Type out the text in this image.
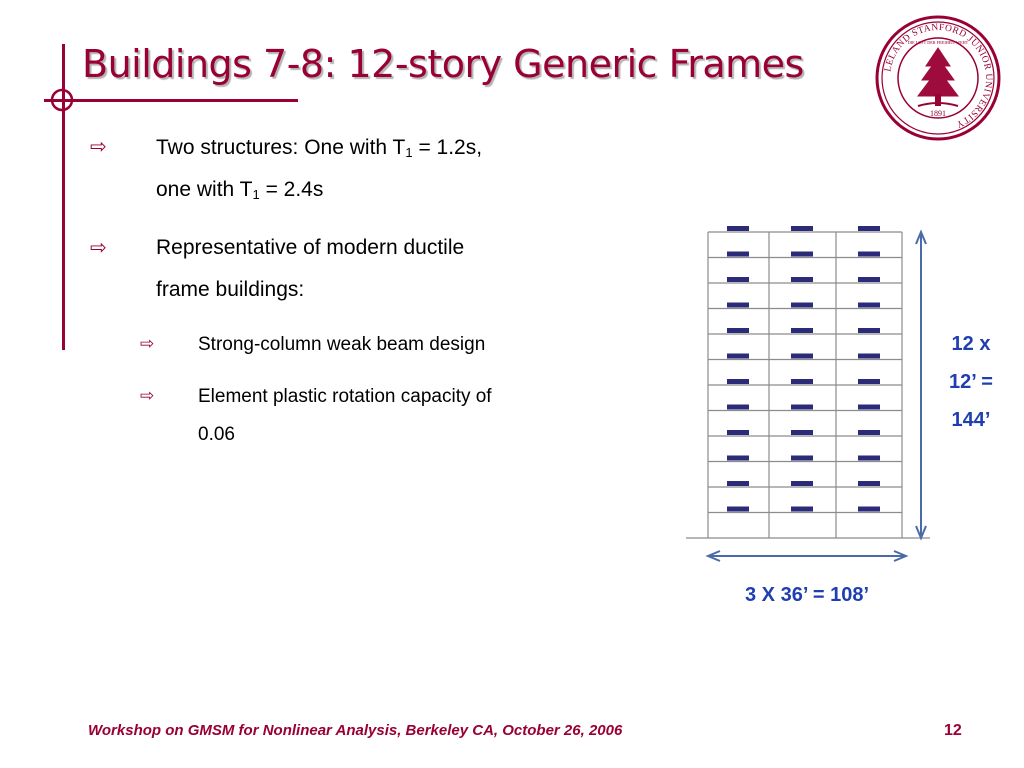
Buildings 7-8: 12-story Generic Frames	LELAND STANFORD JUNIOR UNIVERSITY
1891
DIE LUFT DER FREIHEIT WEHT
⇨ Two structures: One with $T_1 = 1.2s$,
one with $T_1 = 2.4s$
⇨ Representative of modern ductile
frame buildings:
⇨ Strong-column weak beam design
⇨ Element plastic rotation capacity of
0.06
12 x
12’ =
144’
3 X 36’ = 108’
Workshop on GMSM for Nonlinear Analysis, Berkeley CA, October 26, 2006	12
